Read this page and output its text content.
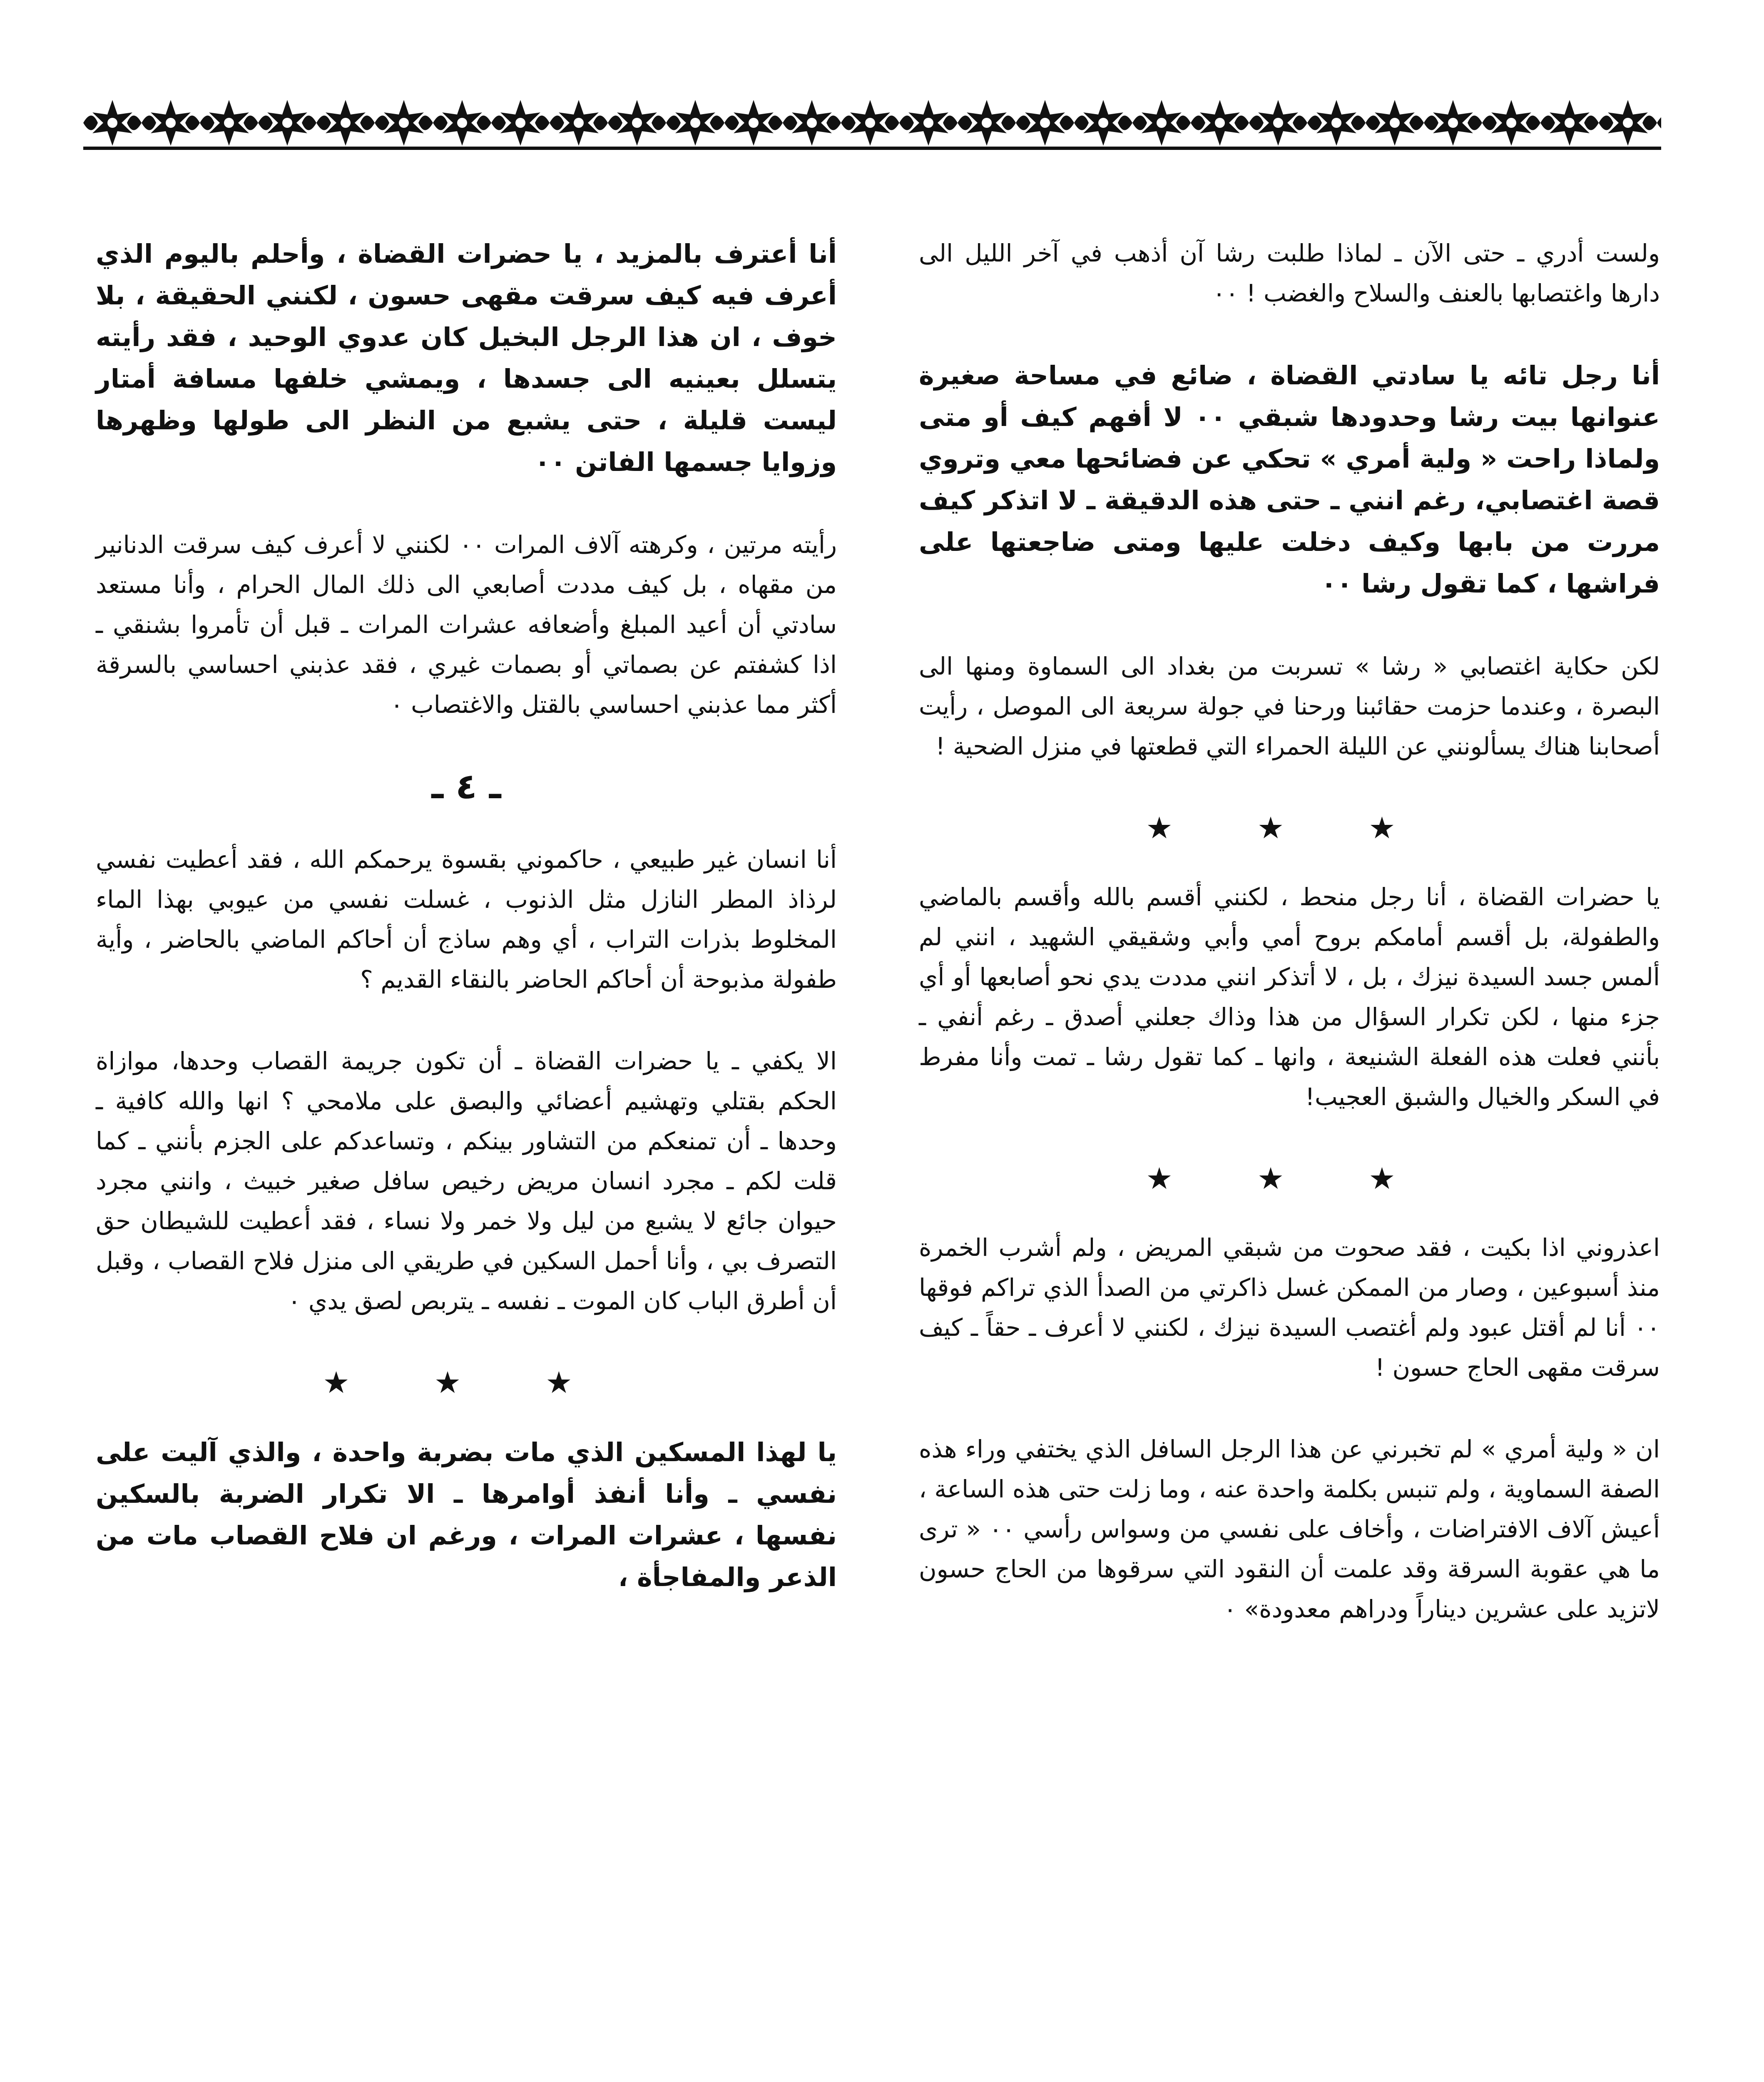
ولست أدري ـ حتى الآن ـ لماذا طلبت رشا آن أذهب في آخر الليل الى دارها واغتصابها بالعنف والسلاح والغضب ! ٠٠

أنا رجل تائه يا سادتي القضاة ، ضائع في مساحة صغيرة عنوانها بيت رشا وحدودها شبقي ٠٠ لا أفهم كيف أو متى ولماذا راحت « ولية أمري » تحكي عن فضائحها معي وتروي قصة اغتصابي، رغم انني ـ حتى هذه الدقيقة ـ لا اتذكر كيف مررت من بابها وكيف دخلت عليها ومتى ضاجعتها على فراشها ، كما تقول رشا ٠٠

لكن حكاية اغتصابي « رشا » تسربت من بغداد الى السماوة ومنها الى البصرة ، وعندما حزمت حقائبنا ورحنا في جولة سريعة الى الموصل ، رأيت أصحابنا هناك يسألونني عن الليلة الحمراء التي قطعتها في منزل الضحية !

★ ★ ★

يا حضرات القضاة ، أنا رجل منحط ، لكنني أقسم بالله وأقسم بالماضي والطفولة، بل أقسم أمامكم بروح أمي وأبي وشقيقي الشهيد ، انني لم ألمس جسد السيدة نيزك ، بل ، لا أتذكر انني مددت يدي نحو أصابعها أو أي جزء منها ، لكن تكرار السؤال من هذا وذاك جعلني أصدق ـ رغم أنفي ـ بأنني فعلت هذه الفعلة الشنيعة ، وانها ـ كما تقول رشا ـ تمت وأنا مفرط في السكر والخيال والشبق العجيب!

★ ★ ★

اعذروني اذا بكيت ، فقد صحوت من شبقي المريض ، ولم أشرب الخمرة منذ أسبوعين ، وصار من الممكن غسل ذاكرتي من الصدأ الذي تراكم فوقها ٠٠ أنا لم أقتل عبود ولم أغتصب السيدة نيزك ، لكنني لا أعرف ـ حقاً ـ كيف سرقت مقهى الحاج حسون !

ان « ولية أمري » لم تخبرني عن هذا الرجل السافل الذي يختفي وراء هذه الصفة السماوية ، ولم تنبس بكلمة واحدة عنه ، وما زلت حتى هذه الساعة ، أعيش آلاف الافتراضات ، وأخاف على نفسي من وسواس رأسي ٠٠ « ترى ما هي عقوبة السرقة وقد علمت أن النقود التي سرقوها من الحاج حسون لاتزيد على عشرين ديناراً ودراهم معدودة» ٠

أنا أعترف بالمزيد ، يا حضرات القضاة ، وأحلم باليوم الذي أعرف فيه كيف سرقت مقهى حسون ، لكنني الحقيقة ، بلا خوف ، ان هذا الرجل البخيل كان عدوي الوحيد ، فقد رأيته يتسلل بعينيه الى جسدها ، ويمشي خلفها مسافة أمتار ليست قليلة ، حتى يشبع من النظر الى طولها وظهرها وزوايا جسمها الفاتن ٠٠

رأيته مرتين ، وكرهته آلاف المرات ٠٠ لكنني لا أعرف كيف سرقت الدنانير من مقهاه ، بل كيف مددت أصابعي الى ذلك المال الحرام ، وأنا مستعد سادتي أن أعيد المبلغ وأضعافه عشرات المرات ـ قبل أن تأمروا بشنقي ـ اذا كشفتم عن بصماتي أو بصمات غيري ، فقد عذبني احساسي بالسرقة أكثر مما عذبني احساسي بالقتل والاغتصاب ٠

ـ ٤ ـ

أنا انسان غير طبيعي ، حاكموني بقسوة يرحمكم الله ، فقد أعطيت نفسي لرذاذ المطر النازل مثل الذنوب ، غسلت نفسي من عيوبي بهذا الماء المخلوط بذرات التراب ، أي وهم ساذج أن أحاكم الماضي بالحاضر ، وأية طفولة مذبوحة أن أحاكم الحاضر بالنقاء القديم ؟

الا يكفي ـ يا حضرات القضاة ـ أن تكون جريمة القصاب وحدها، موازاة الحكم بقتلي وتهشيم أعضائي والبصق على ملامحي ؟ انها والله كافية ـ وحدها ـ أن تمنعكم من التشاور بينكم ، وتساعدكم على الجزم بأنني ـ كما قلت لكم ـ مجرد انسان مريض رخيص سافل صغير خبيث ، وانني مجرد حيوان جائع لا يشبع من ليل ولا خمر ولا نساء ، فقد أعطيت للشيطان حق التصرف بي ، وأنا أحمل السكين في طريقي الى منزل فلاح القصاب ، وقبل أن أطرق الباب كان الموت ـ نفسه ـ يتربص لصق يدي ٠

★ ★ ★

يا لهذا المسكين الذي مات بضربة واحدة ، والذي آليت على نفسي ـ وأنا أنفذ أوامرها ـ الا تكرار الضربة بالسكين نفسها ، عشرات المرات ، ورغم ان فلاح القصاب مات من الذعر والمفاجأة ،
